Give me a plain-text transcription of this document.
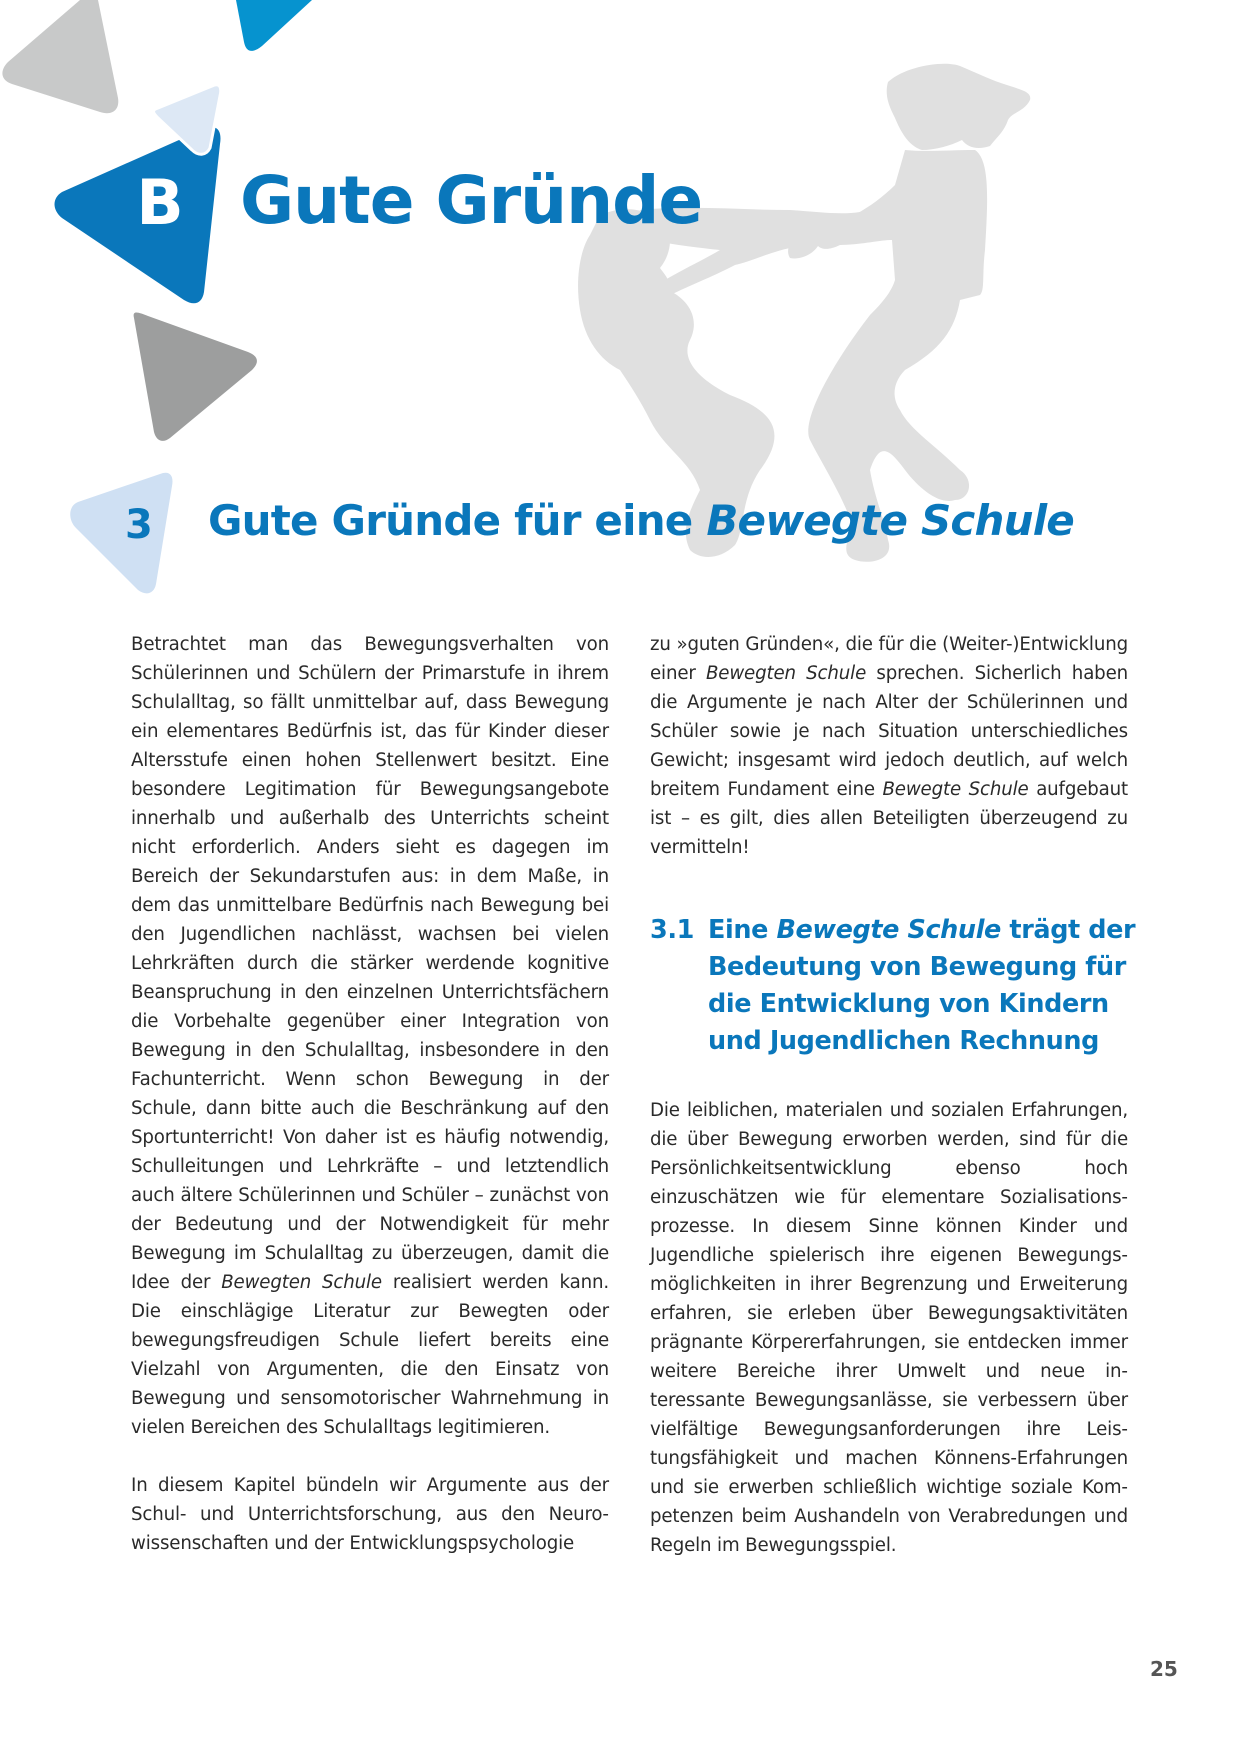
B Gute Gründe
3 Gute Gründe für eine Bewegte Schule

Betrachtet man das Bewegungsverhalten von Schülerinnen und Schülern der Primarstufe in ihrem Schulalltag, so fällt unmittelbar auf, dass Bewegung ein elementares Bedürfnis ist, das für Kinder dieser Altersstufe einen hohen Stellenwert besitzt. Eine besondere Legitimation für Bewegungsangebote innerhalb und außerhalb des Unterrichts scheint nicht erforderlich. Anders sieht es dagegen im Bereich der Sekundarstufen aus: in dem Maße, in dem das unmittelbare Bedürfnis nach Bewegung bei den Jugendlichen nachlässt, wachsen bei vielen Lehrkräften durch die stärker werdende kognitive Beanspruchung in den einzelnen Unterrichtsfächern die Vorbehalte gegenüber einer Integration von Bewegung in den Schulalltag, insbesondere in den Fachunterricht. Wenn schon Bewegung in der Schule, dann bitte auch die Beschränkung auf den Sportunterricht! Von daher ist es häufig notwendig, Schulleitungen und Lehrkräfte – und letztendlich auch ältere Schülerinnen und Schüler – zunächst von der Bedeutung und der Notwendigkeit für mehr Bewegung im Schulalltag zu überzeugen, damit die Idee der Bewegten Schule realisiert werden kann. Die einschlägige Literatur zur Bewegten oder bewegungsfreudigen Schule liefert bereits eine Vielzahl von Argumenten, die den Einsatz von Bewegung und sensomotorischer Wahrnehmung in vielen Bereichen des Schulalltags legitimieren.

In diesem Kapitel bündeln wir Argumente aus der Schul- und Unterrichtsforschung, aus den Neurowissenschaften und der Entwicklungspsychologie

zu »guten Gründen«, die für die (Weiter-)Entwicklung einer Bewegten Schule sprechen. Sicherlich haben die Argumente je nach Alter der Schülerinnen und Schüler sowie je nach Situation unterschiedliches Gewicht; insgesamt wird jedoch deutlich, auf welch breitem Fundament eine Bewegte Schule aufgebaut ist – es gilt, dies allen Beteiligten überzeugend zu vermitteln!

3.1 Eine Bewegte Schule trägt der Bedeutung von Bewegung für die Entwicklung von Kindern und Jugendlichen Rechnung

Die leiblichen, materialen und sozialen Erfahrungen, die über Bewegung erworben werden, sind für die Persönlichkeitsentwicklung ebenso hoch einzuschätzen wie für elementare Sozialisationsprozesse. In diesem Sinne können Kinder und Jugendliche spielerisch ihre eigenen Bewegungsmöglichkeiten in ihrer Begrenzung und Erweiterung erfahren, sie erleben über Bewegungsaktivitäten prägnante Körpererfahrungen, sie entdecken immer weitere Bereiche ihrer Umwelt und neue interessante Bewegungsanlässe, sie verbessern über vielfältige Bewegungsanforderungen ihre Leistungsfähigkeit und machen Könnens-Erfahrungen und sie erwerben schließlich wichtige soziale Kompetenzen beim Aushandeln von Verabredungen und Regeln im Bewegungsspiel.

25
